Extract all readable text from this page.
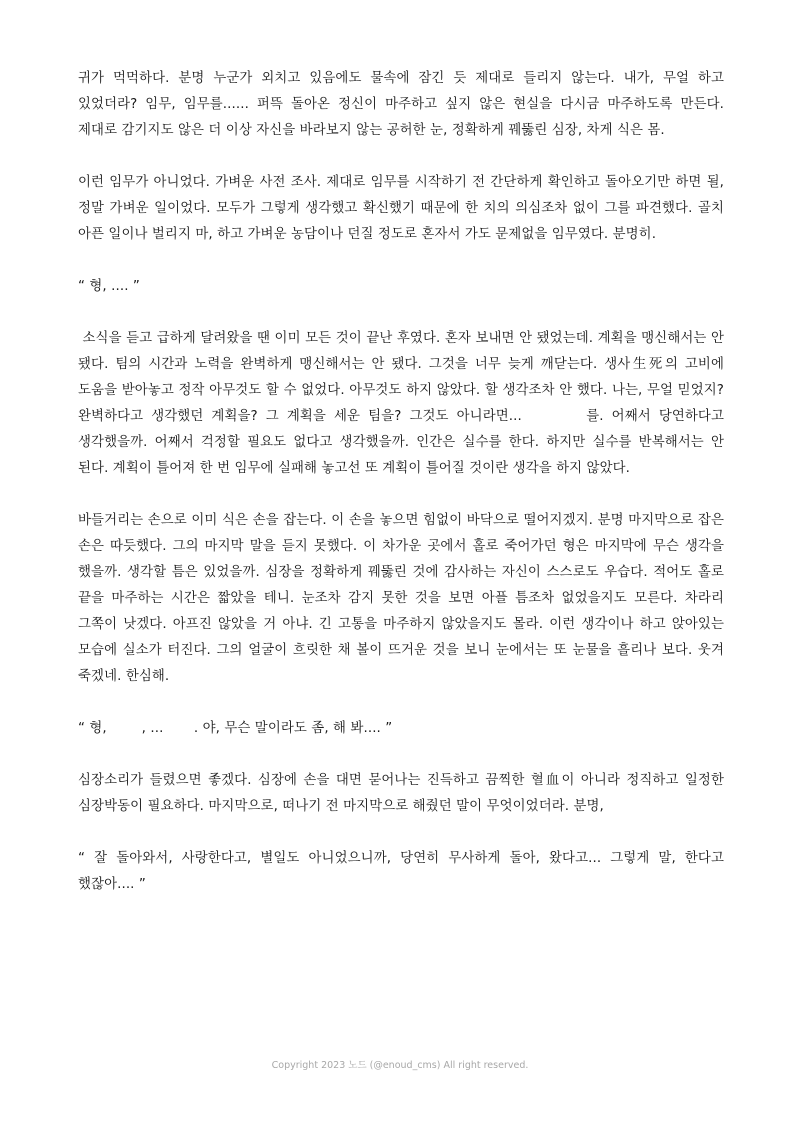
귀가 먹먹하다. 분명 누군가 외치고 있음에도 물속에 잠긴 듯 제대로 들리지 않는다. 내가, 무얼 하고 있었더라? 임무, 임무를...... 퍼뜩 돌아온 정신이 마주하고 싶지 않은 현실을 다시금 마주하도록 만든다. 제대로 감기지도 않은 더 이상 자신을 바라보지 않는 공허한 눈, 정확하게 꿰뚫린 심장, 차게 식은 몸.

이런 임무가 아니었다. 가벼운 사전 조사. 제대로 임무를 시작하기 전 간단하게 확인하고 돌아오기만 하면 될, 정말 가벼운 일이었다. 모두가 그렇게 생각했고 확신했기 때문에 한 치의 의심조차 없이 그를 파견했다. 골치 아픈 일이나 벌리지 마, 하고 가벼운 농담이나 던질 정도로 혼자서 가도 문제없을 임무였다. 분명히.

“ 형, .... ”

소식을 듣고 급하게 달려왔을 땐 이미 모든 것이 끝난 후였다. 혼자 보내면 안 됐었는데. 계획을 맹신해서는 안 됐다. 팀의 시간과 노력을 완벽하게 맹신해서는 안 됐다. 그것을 너무 늦게 깨닫는다. 생사生死의 고비에 도움을 받아놓고 정작 아무것도 할 수 없었다. 아무것도 하지 않았다. 할 생각조차 안 했다. 나는, 무얼 믿었지? 완벽하다고 생각했던 계획을? 그 계획을 세운 팀을? 그것도 아니라면...        를. 어째서 당연하다고 생각했을까. 어째서 걱정할 필요도 없다고 생각했을까. 인간은 실수를 한다. 하지만 실수를 반복해서는 안 된다. 계획이 틀어져 한 번 임무에 실패해 놓고선 또 계획이 틀어질 것이란 생각을 하지 않았다.

바들거리는 손으로 이미 식은 손을 잡는다. 이 손을 놓으면 힘없이 바닥으로 떨어지겠지. 분명 마지막으로 잡은 손은 따듯했다. 그의 마지막 말을 듣지 못했다. 이 차가운 곳에서 홀로 죽어가던 형은 마지막에 무슨 생각을 했을까. 생각할 틈은 있었을까. 심장을 정확하게 꿰뚫린 것에 감사하는 자신이 스스로도 우습다. 적어도 홀로 끝을 마주하는 시간은 짧았을 테니. 눈조차 감지 못한 것을 보면 아플 틈조차 없었을지도 모른다. 차라리 그쪽이 낫겠다. 아프진 않았을 거 아냐. 긴 고통을 마주하지 않았을지도 몰라. 이런 생각이나 하고 앉아있는 모습에 실소가 터진다. 그의 얼굴이 흐릿한 채 볼이 뜨거운 것을 보니 눈에서는 또 눈물을 흘리나 보다. 웃겨 죽겠네. 한심해.

“ 형,        , ...       . 야, 무슨 말이라도 좀, 해 봐.... ”

심장소리가 들렸으면 좋겠다. 심장에 손을 대면 묻어나는 진득하고 끔찍한 혈血이 아니라 정직하고 일정한 심장박동이 필요하다. 마지막으로, 떠나기 전 마지막으로 해줬던 말이 무엇이었더라. 분명,

“ 잘 돌아와서, 사랑한다고, 별일도 아니었으니까, 당연히 무사하게 돌아, 왔다고... 그렇게 말, 한다고 했잖아.... ”

Copyright 2023 노드 (@enoud_cms) All right reserved.
